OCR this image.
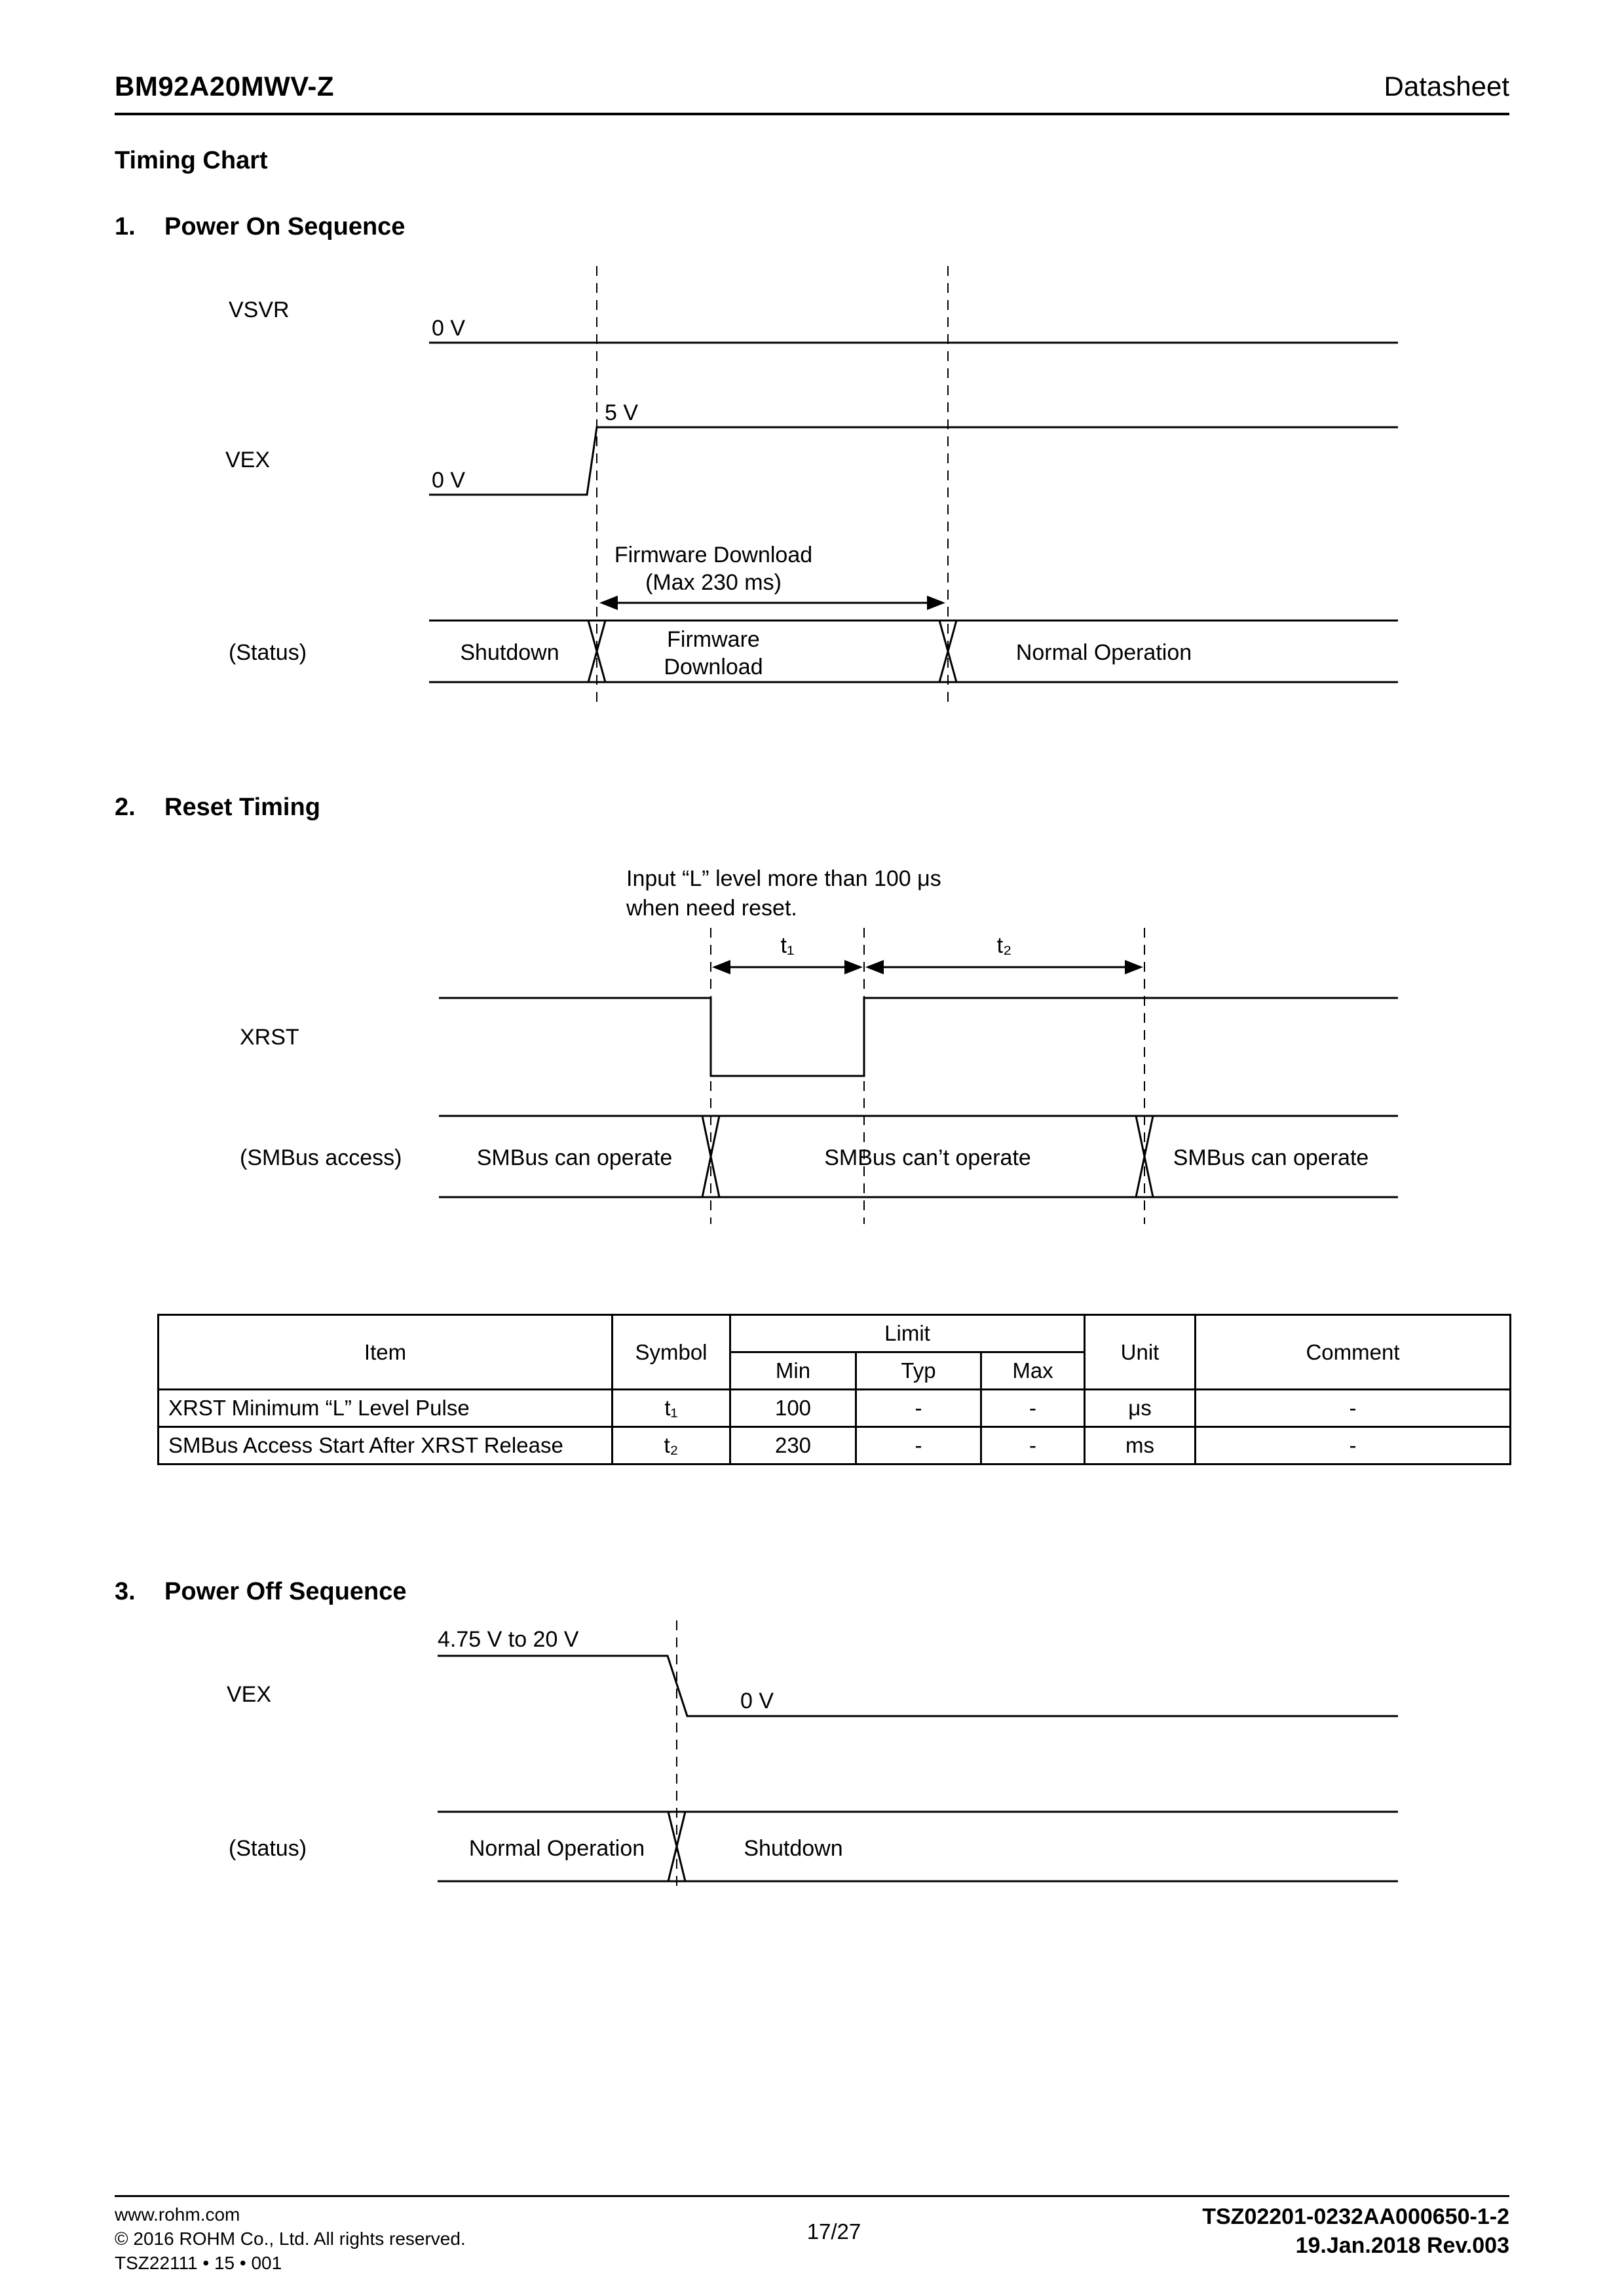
BM92A20MWV-Z	Datasheet
Timing Chart
1.	Power On Sequence
VSVR
0 V
5 V
VEX
0 V
Firmware Download
(Max 230 ms)
(Status)	Shutdown
Firmware
Download
Normal Operation
2.	Reset Timing
Input “L” level more than 100 μs
when need reset.
t₁	t₂
XRST
(SMBus access)	SMBus can operate	SMBus can’t operate	SMBus can operate
Item	Symbol	Limit			Unit	Comment
		Min	Typ	Max		
XRST Minimum “L” Level Pulse	t₁	100	-	-	μs	-
SMBus Access Start After XRST Release	t₂	230	-	-	ms	-
3.	Power Off Sequence
4.75 V to 20 V
VEX	0 V
(Status)	Normal Operation	Shutdown
www.rohm.com
© 2016 ROHM Co., Ltd. All rights reserved.
TSZ22111 • 15 • 001
17/27
TSZ02201-0232AA000650-1-2
19.Jan.2018 Rev.003
